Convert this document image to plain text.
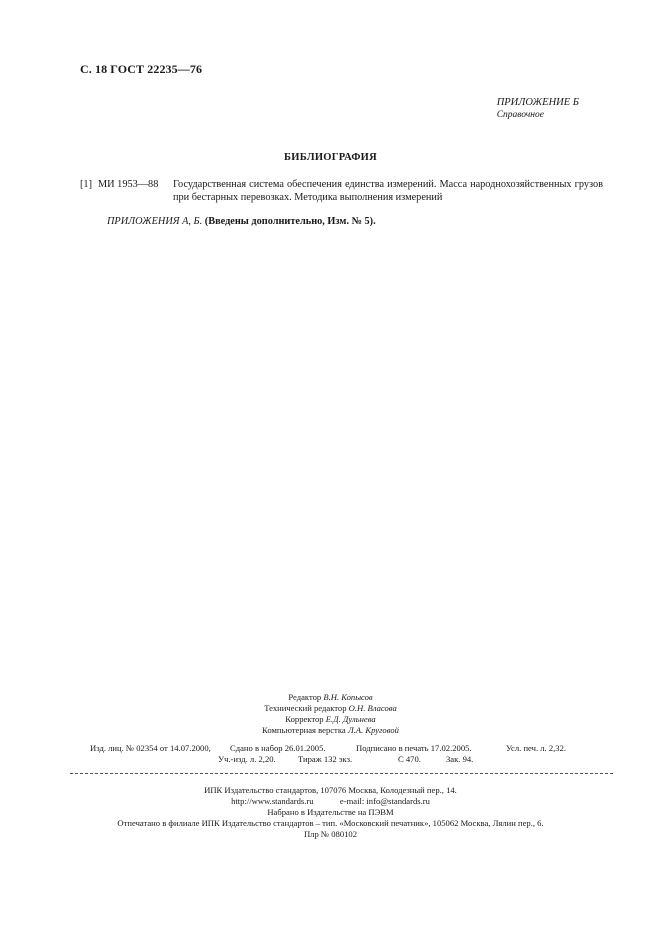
С. 18 ГОСТ 22235—76
ПРИЛОЖЕНИЕ Б
Справочное
БИБЛИОГРАФИЯ
[1] МИ 1953—88	Государственная система обеспечения единства измерений. Масса народнохозяйственных грузов при бестарных перевозках. Методика выполнения измерений
ПРИЛОЖЕНИЯ А, Б. (Введены дополнительно, Изм. № 5).
Редактор В.Н. Копысов
Технический редактор О.Н. Власова
Корректор Е.Д. Дульнева
Компьютерная верстка Л.А. Круговой
Изд. лиц. № 02354 от 14.07.2000, Сдано в набор 26.01.2005.	Подписано в печать 17.02.2005.	Усл. печ. л. 2,32.
Уч.-изд. л. 2,20.	Тираж 132 экз.	С 470.	Зак. 94.
ИПК Издательство стандартов, 107076 Москва, Колодезный пер., 14.
http://www.standards.ru	e-mail: info@standards.ru
Набрано в Издательстве на ПЭВМ
Отпечатано в филиале ИПК Издательство стандартов – тип. «Московский печатник», 105062 Москва, Лялин пер., 6.
Плр № 080102
